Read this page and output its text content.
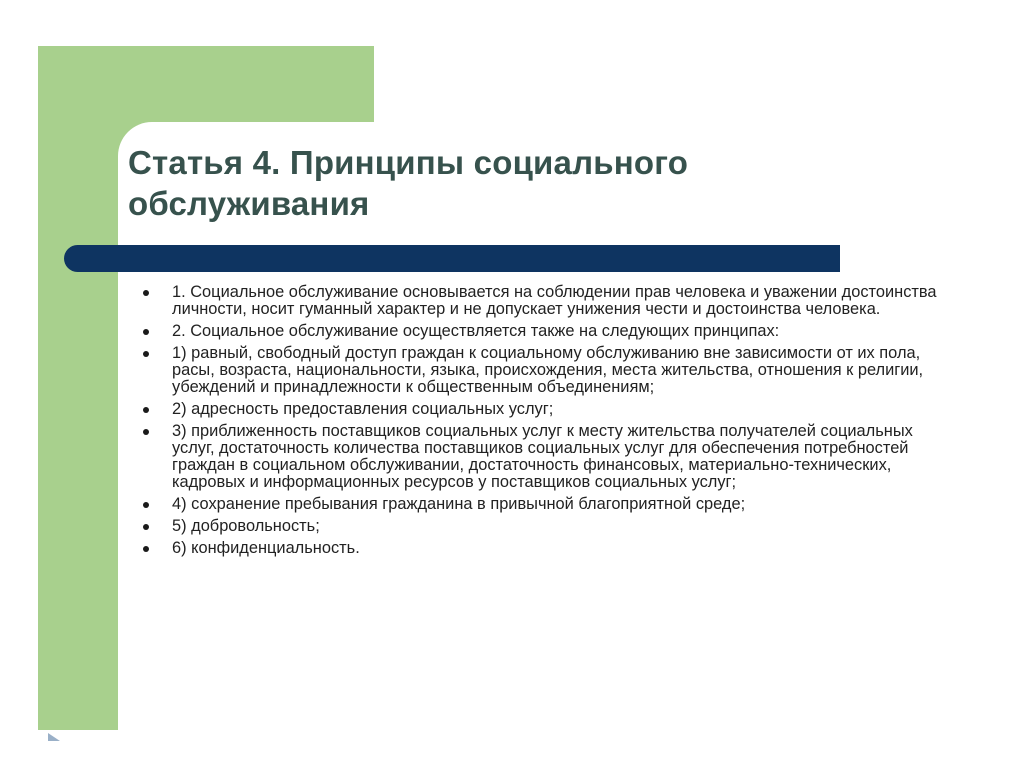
Статья 4. Принципы социального обслуживания
1. Социальное обслуживание основывается на соблюдении прав человека и уважении достоинства личности, носит гуманный характер и не допускает унижения чести и достоинства человека.
2. Социальное обслуживание осуществляется также на следующих принципах:
1) равный, свободный доступ граждан к социальному обслуживанию вне зависимости от их пола, расы, возраста, национальности, языка, происхождения, места жительства, отношения к религии, убеждений и принадлежности к общественным объединениям;
2) адресность предоставления социальных услуг;
3) приближенность поставщиков социальных услуг к месту жительства получателей социальных услуг, достаточность количества поставщиков социальных услуг для обеспечения потребностей граждан в социальном обслуживании, достаточность финансовых, материально-технических, кадровых и информационных ресурсов у поставщиков социальных услуг;
4) сохранение пребывания гражданина в привычной благоприятной среде;
5) добровольность;
6) конфиденциальность.
